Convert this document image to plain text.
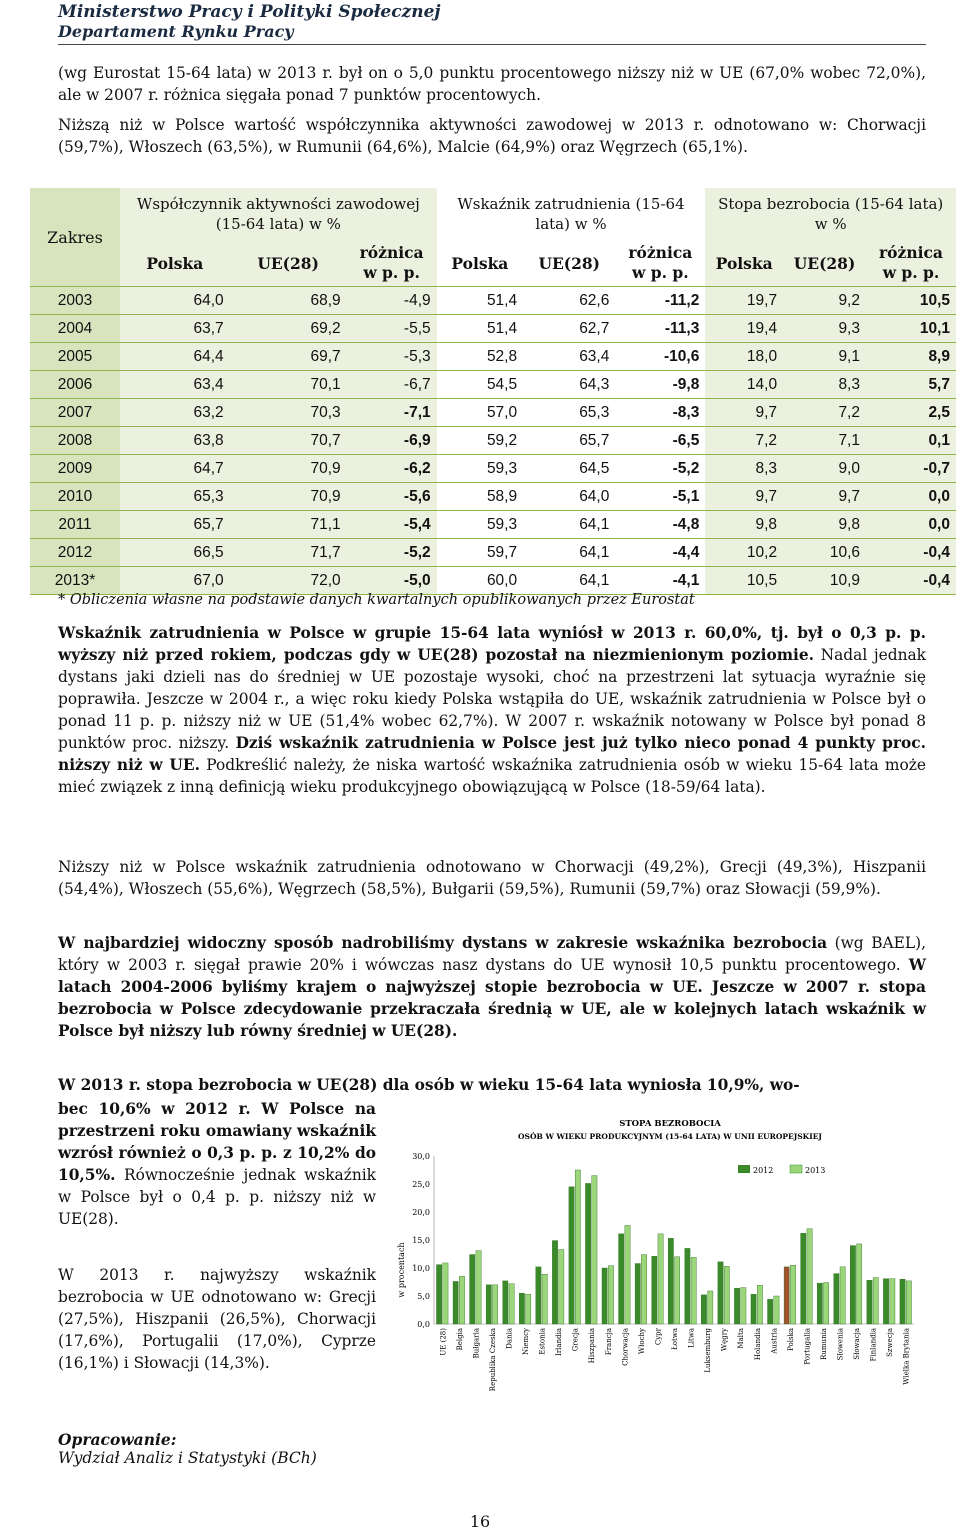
Ministerstwo Pracy i Polityki Społecznej
Departament Rynku Pracy
(wg Eurostat 15-64 lata) w 2013 r. był on o 5,0 punktu procentowego niższy niż w UE (67,0% wobec 72,0%), ale w 2007 r. różnica sięgała ponad 7 punktów procentowych.
Niższą niż w Polsce wartość współczynnika aktywności zawodowej w 2013 r. odnotowano w: Chorwacji (59,7%), Włoszech (63,5%), w Rumunii (64,6%), Malcie (64,9%) oraz Węgrzech (65,1%).
Zakres	Współczynnik aktywności zawodowej (15-64 lata) w %			Wskaźnik zatrudnienia (15-64 lata) w %			Stopa bezrobocia (15-64 lata) w %		
	Polska	UE(28)	różnica w p. p.	Polska	UE(28)	różnica w p. p.	Polska	UE(28)	różnica w p. p.
2003	64,0	68,9	-4,9	51,4	62,6	-11,2	19,7	9,2	10,5
2004	63,7	69,2	-5,5	51,4	62,7	-11,3	19,4	9,3	10,1
2005	64,4	69,7	-5,3	52,8	63,4	-10,6	18,0	9,1	8,9
2006	63,4	70,1	-6,7	54,5	64,3	-9,8	14,0	8,3	5,7
2007	63,2	70,3	-7,1	57,0	65,3	-8,3	9,7	7,2	2,5
2008	63,8	70,7	-6,9	59,2	65,7	-6,5	7,2	7,1	0,1
2009	64,7	70,9	-6,2	59,3	64,5	-5,2	8,3	9,0	-0,7
2010	65,3	70,9	-5,6	58,9	64,0	-5,1	9,7	9,7	0,0
2011	65,7	71,1	-5,4	59,3	64,1	-4,8	9,8	9,8	0,0
2012	66,5	71,7	-5,2	59,7	64,1	-4,4	10,2	10,6	-0,4
2013*	67,0	72,0	-5,0	60,0	64,1	-4,1	10,5	10,9	-0,4
* Obliczenia własne na podstawie danych kwartalnych opublikowanych przez Eurostat
Wskaźnik zatrudnienia w Polsce w grupie 15-64 lata wyniósł w 2013 r. 60,0%, tj. był o 0,3 p. p. wyższy niż przed rokiem, podczas gdy w UE(28) pozostał na niezmienionym poziomie. Nadal jednak dystans jaki dzieli nas do średniej w UE pozostaje wysoki, choć na przestrzeni lat sytuacja wyraźnie się poprawiła. Jeszcze w 2004 r., a więc roku kiedy Polska wstąpiła do UE, wskaźnik zatrudnienia w Polsce był o ponad 11 p. p. niższy niż w UE (51,4% wobec 62,7%). W 2007 r. wskaźnik notowany w Polsce był ponad 8 punktów proc. niższy. Dziś wskaźnik zatrudnienia w Polsce jest już tylko nieco ponad 4 punkty proc. niższy niż w UE. Podkreślić należy, że niska wartość wskaźnika zatrudnienia osób w wieku 15-64 lata może mieć związek z inną definicją wieku produkcyjnego obowiązującą w Polsce (18-59/64 lata).
Niższy niż w Polsce wskaźnik zatrudnienia odnotowano w Chorwacji (49,2%), Grecji (49,3%), Hiszpanii (54,4%), Włoszech (55,6%), Węgrzech (58,5%), Bułgarii (59,5%), Rumunii (59,7%) oraz Słowacji (59,9%).
W najbardziej widoczny sposób nadrobiliśmy dystans w zakresie wskaźnika bezrobocia (wg BAEL), który w 2003 r. sięgał prawie 20% i wówczas nasz dystans do UE wynosił 10,5 punktu procentowego. W latach 2004-2006 byliśmy krajem o najwyższej stopie bezrobocia w UE. Jeszcze w 2007 r. stopa bezrobocia w Polsce zdecydowanie przekraczała średnią w UE, ale w kolejnych latach wskaźnik w Polsce był niższy lub równy średniej w UE(28).
W 2013 r. stopa bezrobocia w UE(28) dla osób w wieku 15-64 lata wyniosła 10,9%, wo-
bec 10,6% w 2012 r. W Polsce na przestrzeni roku omawiany wskaźnik wzrósł również o 0,3 p. p. z 10,2% do 10,5%. Równocześnie jednak wskaźnik w Polsce był o 0,4 p. p. niższy niż w UE(28).
W 2013 r. najwyższy wskaźnik bezrobocia w UE odnotowano w: Grecji (27,5%), Hiszpanii (26,5%), Chorwacji (17,6%), Portugalii (17,0%), Cyprze (16,1%) i Słowacji (14,3%).
STOPA BEZROBOCIA
OSÓB W WIEKU PRODUKCYJNYM (15-64 LATA) W UNII EUROPEJSKIEJ
w procentach
0,0
5,0
10,0
15,0
20,0
25,0
30,0
UE (28) Belgia Bułgaria Republika Czeska Dania Niemcy Estonia Irlandia Grecja Hiszpania Francja Chorwacja Włochy Cypr Łotwa Litwa Luksemburg Węgry Malta Holandia Austria Polska Portugalia Rumunia Słowenia Słowacja Finlandia Szwecja Wielka Brytania
2012	2013
Opracowanie:
Wydział Analiz i Statystyki (BCh)
16
